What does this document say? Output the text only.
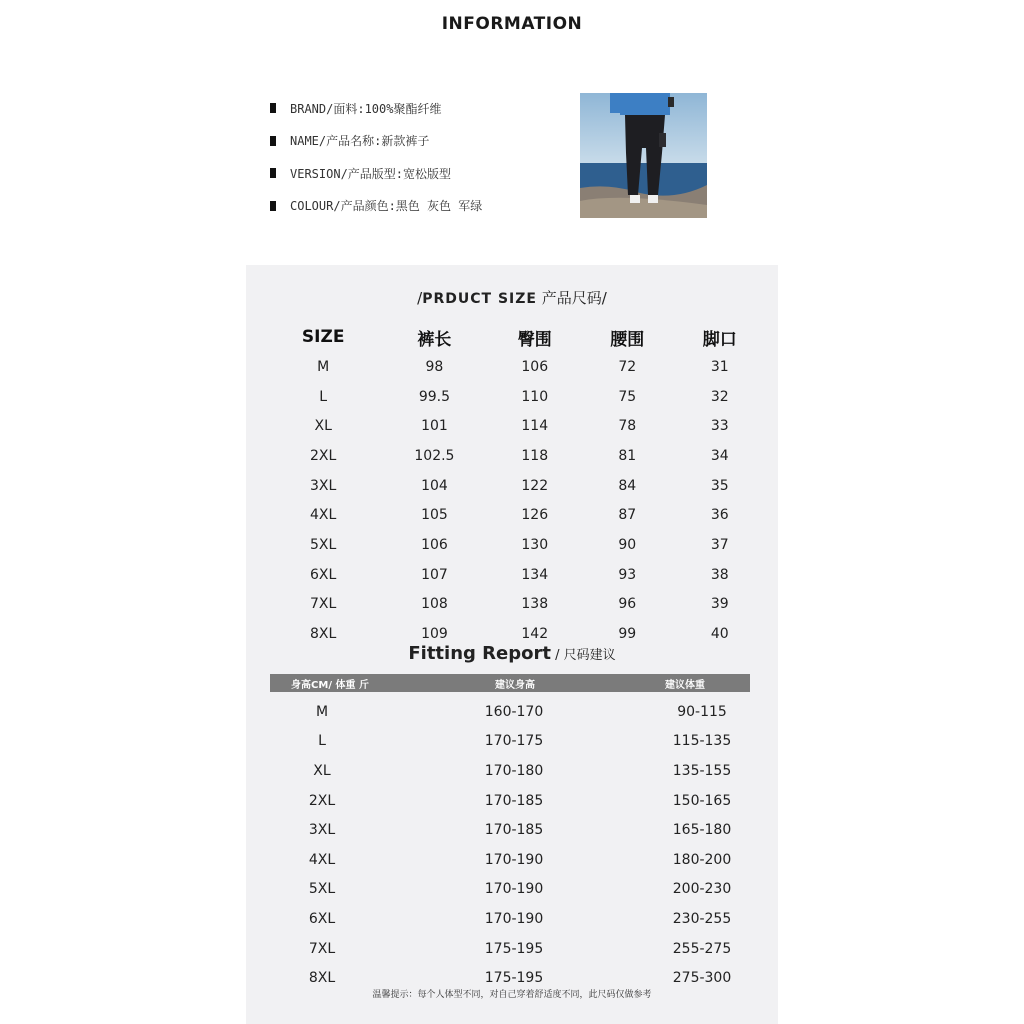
INFORMATION
BRAND/面料:100%聚酯纤维
NAME/产品名称:新款裤子
VERSION/产品版型:宽松版型
COLOUR/产品颜色:黑色 灰色 军绿
/PRDUCT SIZE 产品尺码/
SIZE	裤长	臀围	腰围	脚口
M	98	106	72	31
L	99.5	110	75	32
XL	101	114	78	33
2XL	102.5	118	81	34
3XL	104	122	84	35
4XL	105	126	87	36
5XL	106	130	90	37
6XL	107	134	93	38
7XL	108	138	96	39
8XL	109	142	99	40
Fitting Report / 尺码建议
身高CM/ 体重 斤	建议身高	建议体重
M	160-170	90-115
L	170-175	115-135
XL	170-180	135-155
2XL	170-185	150-165
3XL	170-185	165-180
4XL	170-190	180-200
5XL	170-190	200-230
6XL	170-190	230-255
7XL	175-195	255-275
8XL	175-195	275-300
温馨提示：每个人体型不同，对自己穿着舒适度不同，此尺码仅做参考
